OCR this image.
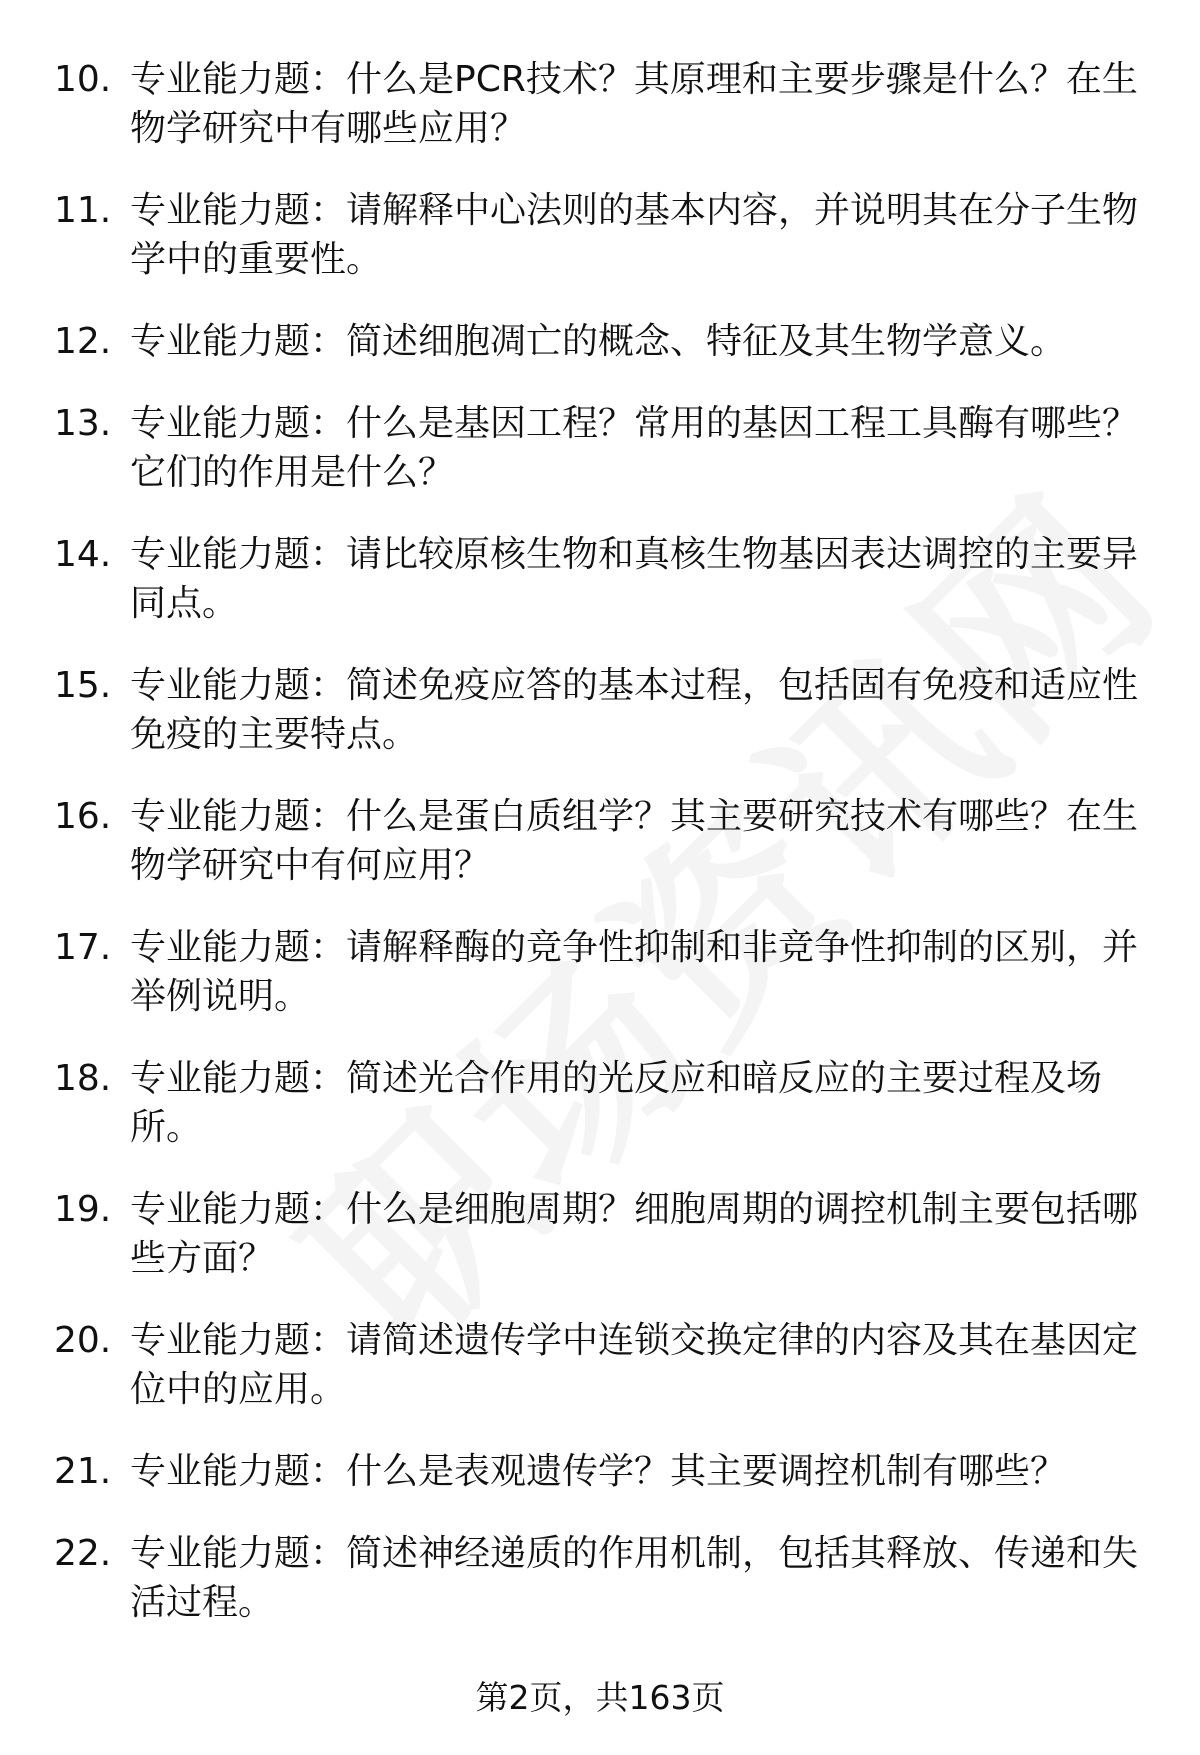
10. 专业能力题：什么是PCR技术？其原理和主要步骤是什么？在生物学研究中有哪些应用？
11. 专业能力题：请解释中心法则的基本内容，并说明其在分子生物学中的重要性。
12. 专业能力题：简述细胞凋亡的概念、特征及其生物学意义。
13. 专业能力题：什么是基因工程？常用的基因工程工具酶有哪些？它们的作用是什么？
14. 专业能力题：请比较原核生物和真核生物基因表达调控的主要异同点。
15. 专业能力题：简述免疫应答的基本过程，包括固有免疫和适应性免疫的主要特点。
16. 专业能力题：什么是蛋白质组学？其主要研究技术有哪些？在生物学研究中有何应用？
17. 专业能力题：请解释酶的竞争性抑制和非竞争性抑制的区别，并举例说明。
18. 专业能力题：简述光合作用的光反应和暗反应的主要过程及场所。
19. 专业能力题：什么是细胞周期？细胞周期的调控机制主要包括哪些方面？
20. 专业能力题：请简述遗传学中连锁交换定律的内容及其在基因定位中的应用。
21. 专业能力题：什么是表观遗传学？其主要调控机制有哪些？
22. 专业能力题：简述神经递质的作用机制，包括其释放、传递和失活过程。
第2页，共163页
